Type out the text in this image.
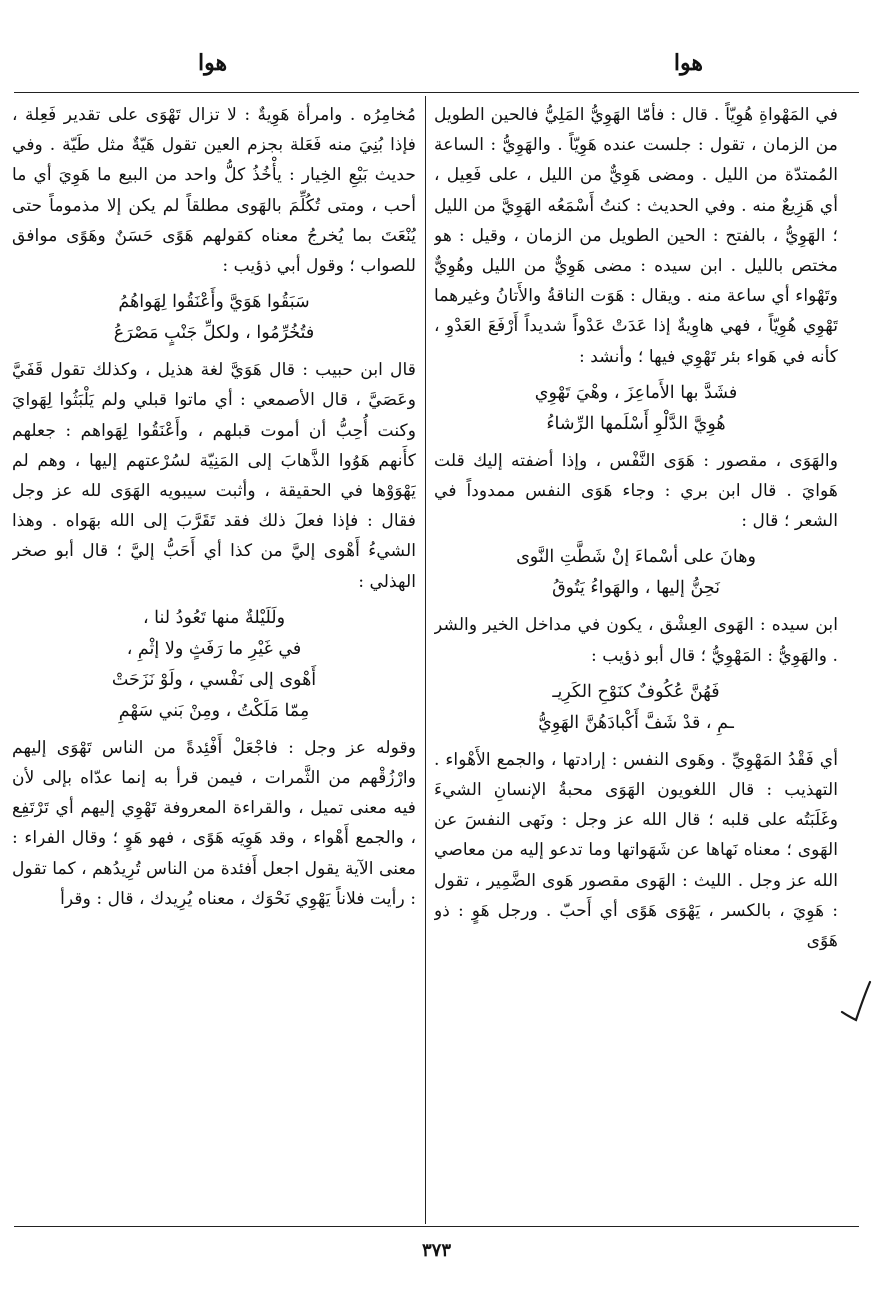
هوا
هوا

في المَهْواةِ هُوِيّاً . قال : فأمّا الهَوِيُّ المَلِيُّ فالحين الطويل من الزمان ، تقول : جلست عنده هَوِيّاً . والهَوِيُّ : الساعة المُمتدّة من الليل . ومضى هَوِيٌّ من الليل ، على فَعِيل ، أي هَزِيعٌ منه . وفي الحديث : كنتُ أَسْمَعُه الهَوِيَّ من الليل ؛ الهَوِيُّ ، بالفتح : الحين الطويل من الزمان ، وقيل : هو مختص بالليل . ابن سيده : مضى هَوِيٌّ من الليل وهُوِيٌّ وتَهْواء أي ساعة منه . ويقال : هَوَت الناقةُ والأَتانُ وغيرهما تَهْوِي هُوِيّاً ، فهي هاوِيةٌ إذا عَدَتْ عَدْواً شديداً أَرْفَعَ العَدْوِ ، كأنه في هَواء بئر تَهْوِي فيها ؛ وأنشد :

فشَدَّ بها الأَماعِزَ ، وهْيَ تَهْوِي
هُوِيَّ الدَّلْوِ أَسْلَمها الرِّشاءُ

والهَوَى ، مقصور : هَوَى النَّفْس ، وإذا أضفته إليك قلت هَوايَ . قال ابن بري : وجاء هَوَى النفس ممدوداً في الشعر ؛ قال :

وهانَ على أسْماءَ إنْ شَطَّتِ النَّوى
نَحِنُّ إليها ، والهَواءُ يَتُوقُ

ابن سيده : الهَوى العِشْق ، يكون في مداخل الخير والشر . والهَوِيُّ : المَهْوِيُّ ؛ قال أبو ذؤيب :

فَهُنَّ عُكُوفٌ كنَوْحِ الكَرِيـ
ـمِ ، قدْ شَفَّ أَكْبادَهُنَّ الهَوِيُّ

أي فَقْدُ المَهْوِيِّ . وهَوى النفس : إرادتها ، والجمع الأَهْواء . التهذيب : قال اللغويون الهَوَى محبةُ الإنسانِ الشيءَ وغَلَبَتُه على قلبه ؛ قال الله عز وجل : ونَهى النفسَ عن الهَوى ؛ معناه نَهاها عن شَهَواتها وما تدعو إليه من معاصي الله عز وجل . الليث : الهَوى مقصور هَوى الضَّمِير ، تقول : هَوِيَ ، بالكسر ، يَهْوَى هَوًى أي أَحبّ . ورجل هَوٍ : ذو هَوًى

مُخامِرُه . وامرأة هَوِيةٌ : لا تزال تَهْوَى على تقدير فَعِلة ، فإذا بُنِيَ منه فَعَلة بجزم العين تقول هَيّةٌ مثل طَيّة . وفي حديث بَيْعِ الخِيار : يأْخُذُ كلُّ واحد من البيع ما هَوِيَ أي ما أحب ، ومتى تُكُلِّمَ بالهَوى مطلقاً لم يكن إلا مذموماً حتى يُنْعَتَ بما يُخرجُ معناه كقولهم هَوًى حَسَنٌ وهَوًى موافق للصواب ؛ وقول أبي ذؤيب :

سَبَقُوا هَوَيَّ وأَعْنَقُوا لِهَواهُمُ
فتُخُرِّمُوا ، ولكلِّ جَنْبٍ مَصْرَعُ

قال ابن حبيب : قال هَوَيَّ لغة هذيل ، وكذلك تقول قَفَيَّ وعَصَيَّ ، قال الأصمعي : أي ماتوا قبلي ولم يَلْبَثُوا لِهَوايَ وكنت أُحِبُّ أن أموت قبلهم ، وأَعْنَقُوا لِهَواهم : جعلهم كأَنهم هَوُوا الذَّهابَ إلى المَنِيّة لسُرْعتهم إليها ، وهم لم يَهْوَوْها في الحقيقة ، وأثبت سيبويه الهَوَى لله عز وجل فقال : فإذا فعلَ ذلك فقد تَقَرَّبَ إلى الله بهَواه . وهذا الشيءُ أَهْوى إليَّ من كذا أي أَحَبُّ إليَّ ؛ قال أبو صخر الهذلي :

ولَلَيْلةٌ منها تَعُودُ لنا ،
في غَيْرِ ما رَفَثٍ ولا إثْمِ ،
أَهْوى إلى نَفْسي ، ولَوْ نَزَحَتْ
مِمّا مَلَكْتُ ، ومِنْ بَني سَهْمِ

وقوله عز وجل : فاجْعَلْ أَفْئِدةً من الناس تَهْوَى إليهم وارْزُقْهم من الثَّمرات ، فيمن قرأ به إنما عدّاه بإلى لأن فيه معنى تميل ، والقراءة المعروفة تَهْوِي إليهم أي تَرْتَفِع ، والجمع أَهْواء ، وقد هَوِيَه هَوًى ، فهو هَوٍ ؛ وقال الفراء : معنى الآية يقول اجعل أَفئدة من الناس تُرِيدُهم ، كما تقول : رأيت فلاناً يَهْوِي نَحْوَك ، معناه يُرِيدك ، قال : وقرأ

٣٧٣
